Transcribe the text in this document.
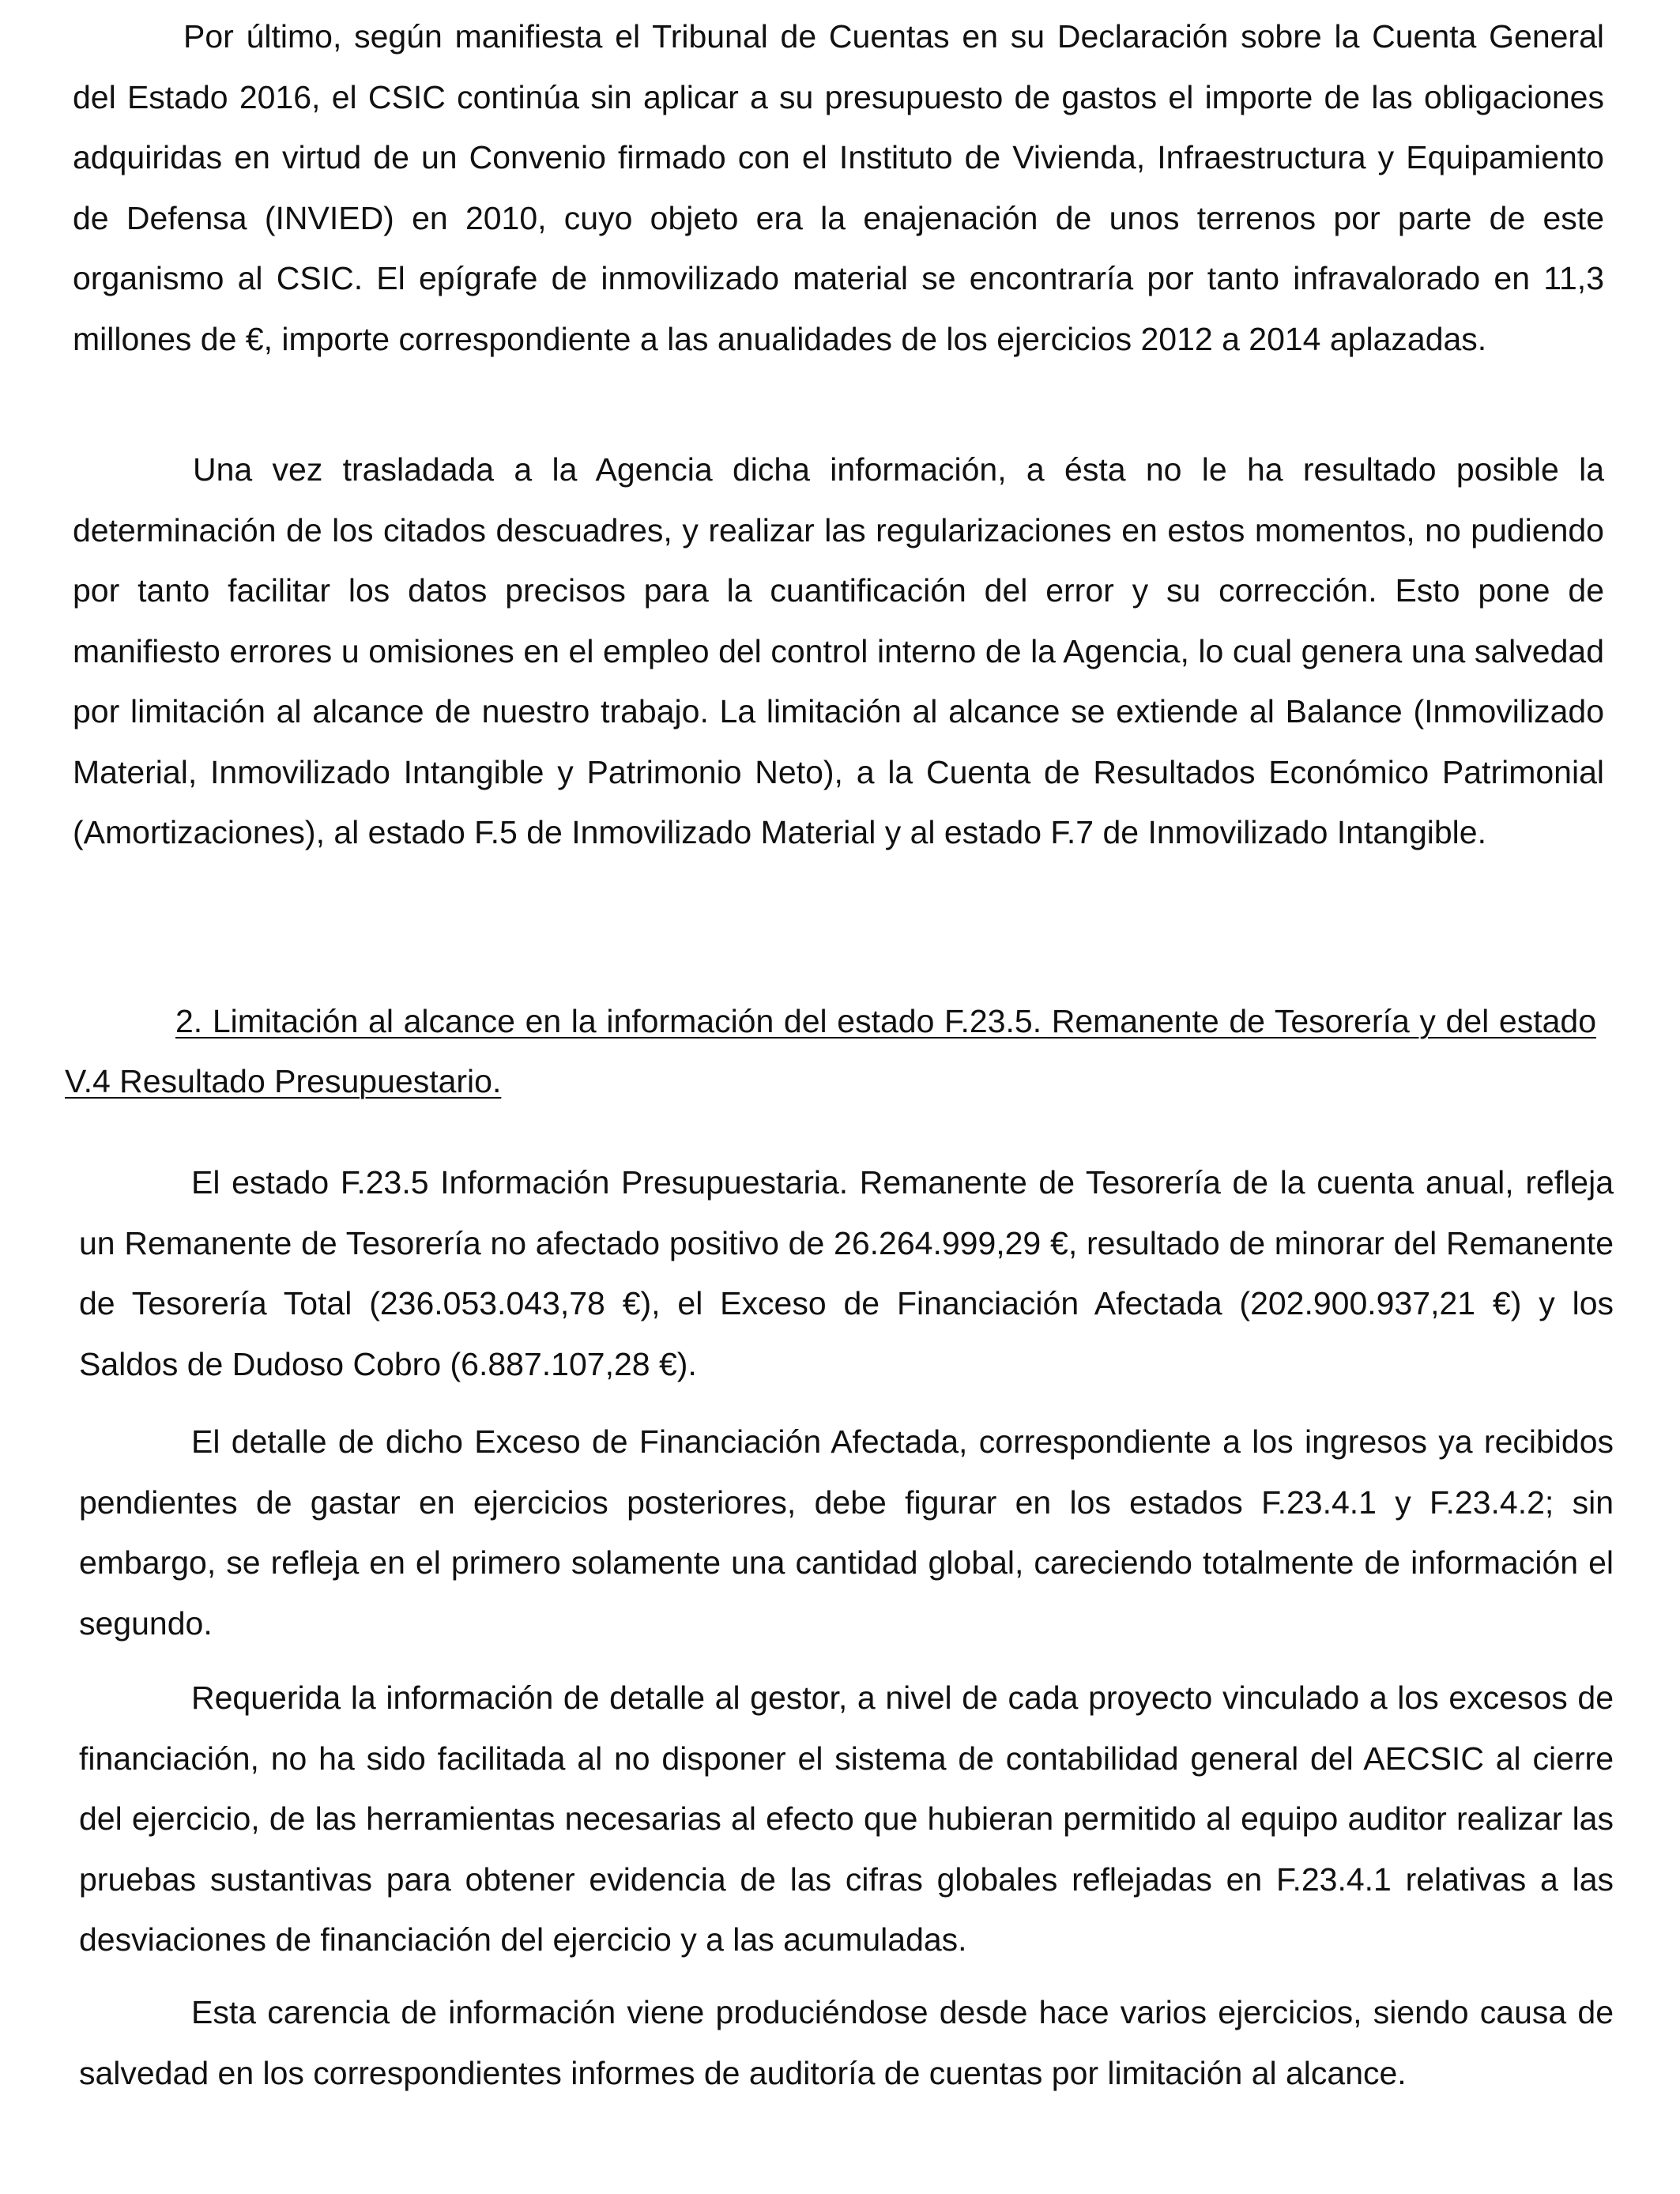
Por último, según manifiesta el Tribunal de Cuentas en su Declaración sobre la Cuenta General del Estado 2016, el CSIC continúa sin aplicar a su presupuesto de gastos el importe de las obligaciones adquiridas en virtud de un Convenio firmado con el Instituto de Vivienda, Infraestructura y Equipamiento de Defensa (INVIED) en 2010, cuyo objeto era la enajenación de unos terrenos por parte de este organismo al CSIC. El epígrafe de inmovilizado material se encontraría por tanto infravalorado en 11,3 millones de €, importe correspondiente a las anualidades de los ejercicios 2012 a 2014 aplazadas.

Una vez trasladada a la Agencia dicha información, a ésta no le ha resultado posible la determinación de los citados descuadres, y realizar las regularizaciones en estos momentos, no pudiendo por tanto facilitar los datos precisos para la cuantificación del error y su corrección. Esto pone de manifiesto errores u omisiones en el empleo del control interno de la Agencia, lo cual genera una salvedad por limitación al alcance de nuestro trabajo. La limitación al alcance se extiende al Balance (Inmovilizado Material, Inmovilizado Intangible y Patrimonio Neto), a la Cuenta de Resultados Económico Patrimonial (Amortizaciones), al estado F.5 de Inmovilizado Material y al estado F.7 de Inmovilizado Intangible.

2. Limitación al alcance en la información del estado F.23.5. Remanente de Tesorería y del estado V.4 Resultado Presupuestario.

El estado F.23.5 Información Presupuestaria. Remanente de Tesorería de la cuenta anual, refleja un Remanente de Tesorería no afectado positivo de 26.264.999,29 €, resultado de minorar del Remanente de Tesorería Total (236.053.043,78 €), el Exceso de Financiación Afectada (202.900.937,21 €) y los Saldos de Dudoso Cobro (6.887.107,28 €).

El detalle de dicho Exceso de Financiación Afectada, correspondiente a los ingresos ya recibidos pendientes de gastar en ejercicios posteriores, debe figurar en los estados F.23.4.1 y F.23.4.2; sin embargo, se refleja en el primero solamente una cantidad global, careciendo totalmente de información el segundo.

Requerida la información de detalle al gestor, a nivel de cada proyecto vinculado a los excesos de financiación, no ha sido facilitada al no disponer el sistema de contabilidad general del AECSIC al cierre del ejercicio, de las herramientas necesarias al efecto que hubieran permitido al equipo auditor realizar las pruebas sustantivas para obtener evidencia de las cifras globales reflejadas en F.23.4.1 relativas a las desviaciones de financiación del ejercicio y a las acumuladas.

Esta carencia de información viene produciéndose desde hace varios ejercicios, siendo causa de salvedad en los correspondientes informes de auditoría de cuentas por limitación al alcance.
